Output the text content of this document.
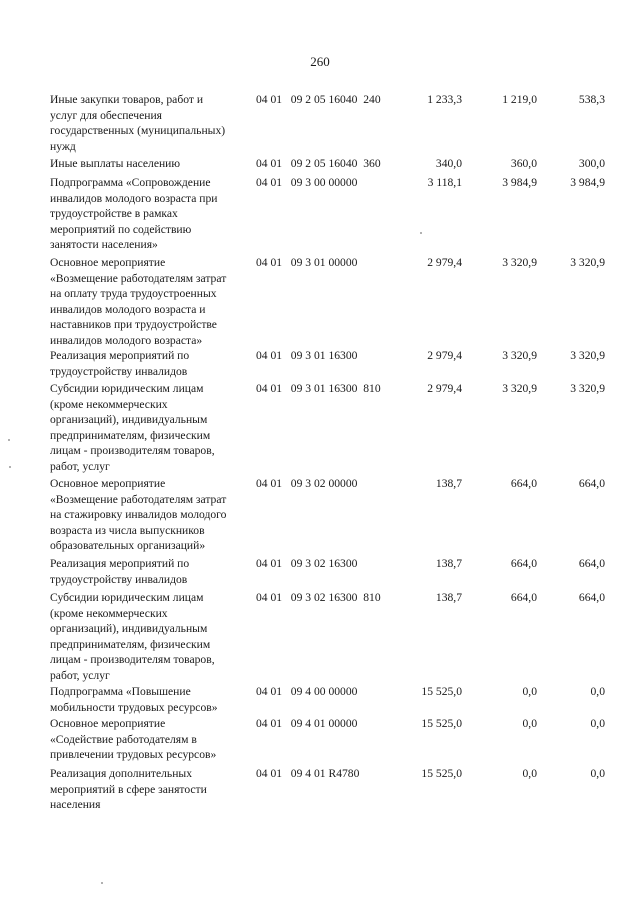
260
Иные закупки товаров, работ и
услуг для обеспечения
государственных (муниципальных)
нужд
04 01   09 2 05 16040  240	1 233,3	1 219,0	538,3
Иные выплаты населению	04 01   09 2 05 16040  360	340,0	360,0	300,0
Подпрограмма «Сопровождение
инвалидов молодого возраста при
трудоустройстве в рамках
мероприятий по содействию
занятости населения»
04 01   09 3 00 00000	3 118,1	3 984,9	3 984,9
Основное мероприятие
«Возмещение работодателям затрат
на оплату труда трудоустроенных
инвалидов молодого возраста и
наставников при трудоустройстве
инвалидов молодого возраста»
04 01   09 3 01 00000	2 979,4	3 320,9	3 320,9
Реализация мероприятий по
трудоустройству инвалидов
04 01   09 3 01 16300	2 979,4	3 320,9	3 320,9
Субсидии юридическим лицам
(кроме некоммерческих
организаций), индивидуальным
предпринимателям, физическим
лицам - производителям товаров,
работ, услуг
04 01   09 3 01 16300  810	2 979,4	3 320,9	3 320,9
Основное мероприятие
«Возмещение работодателям затрат
на стажировку инвалидов молодого
возраста из числа выпускников
образовательных организаций»
04 01   09 3 02 00000	138,7	664,0	664,0
Реализация мероприятий по
трудоустройству инвалидов
04 01   09 3 02 16300	138,7	664,0	664,0
Субсидии юридическим лицам
(кроме некоммерческих
организаций), индивидуальным
предпринимателям, физическим
лицам - производителям товаров,
работ, услуг
04 01   09 3 02 16300  810	138,7	664,0	664,0
Подпрограмма «Повышение
мобильности трудовых ресурсов»
04 01   09 4 00 00000	15 525,0	0,0	0,0
Основное мероприятие
«Содействие работодателям в
привлечении трудовых ресурсов»
04 01   09 4 01 00000	15 525,0	0,0	0,0
Реализация дополнительных
мероприятий в сфере занятости
населения
04 01   09 4 01 R4780	15 525,0	0,0	0,0
